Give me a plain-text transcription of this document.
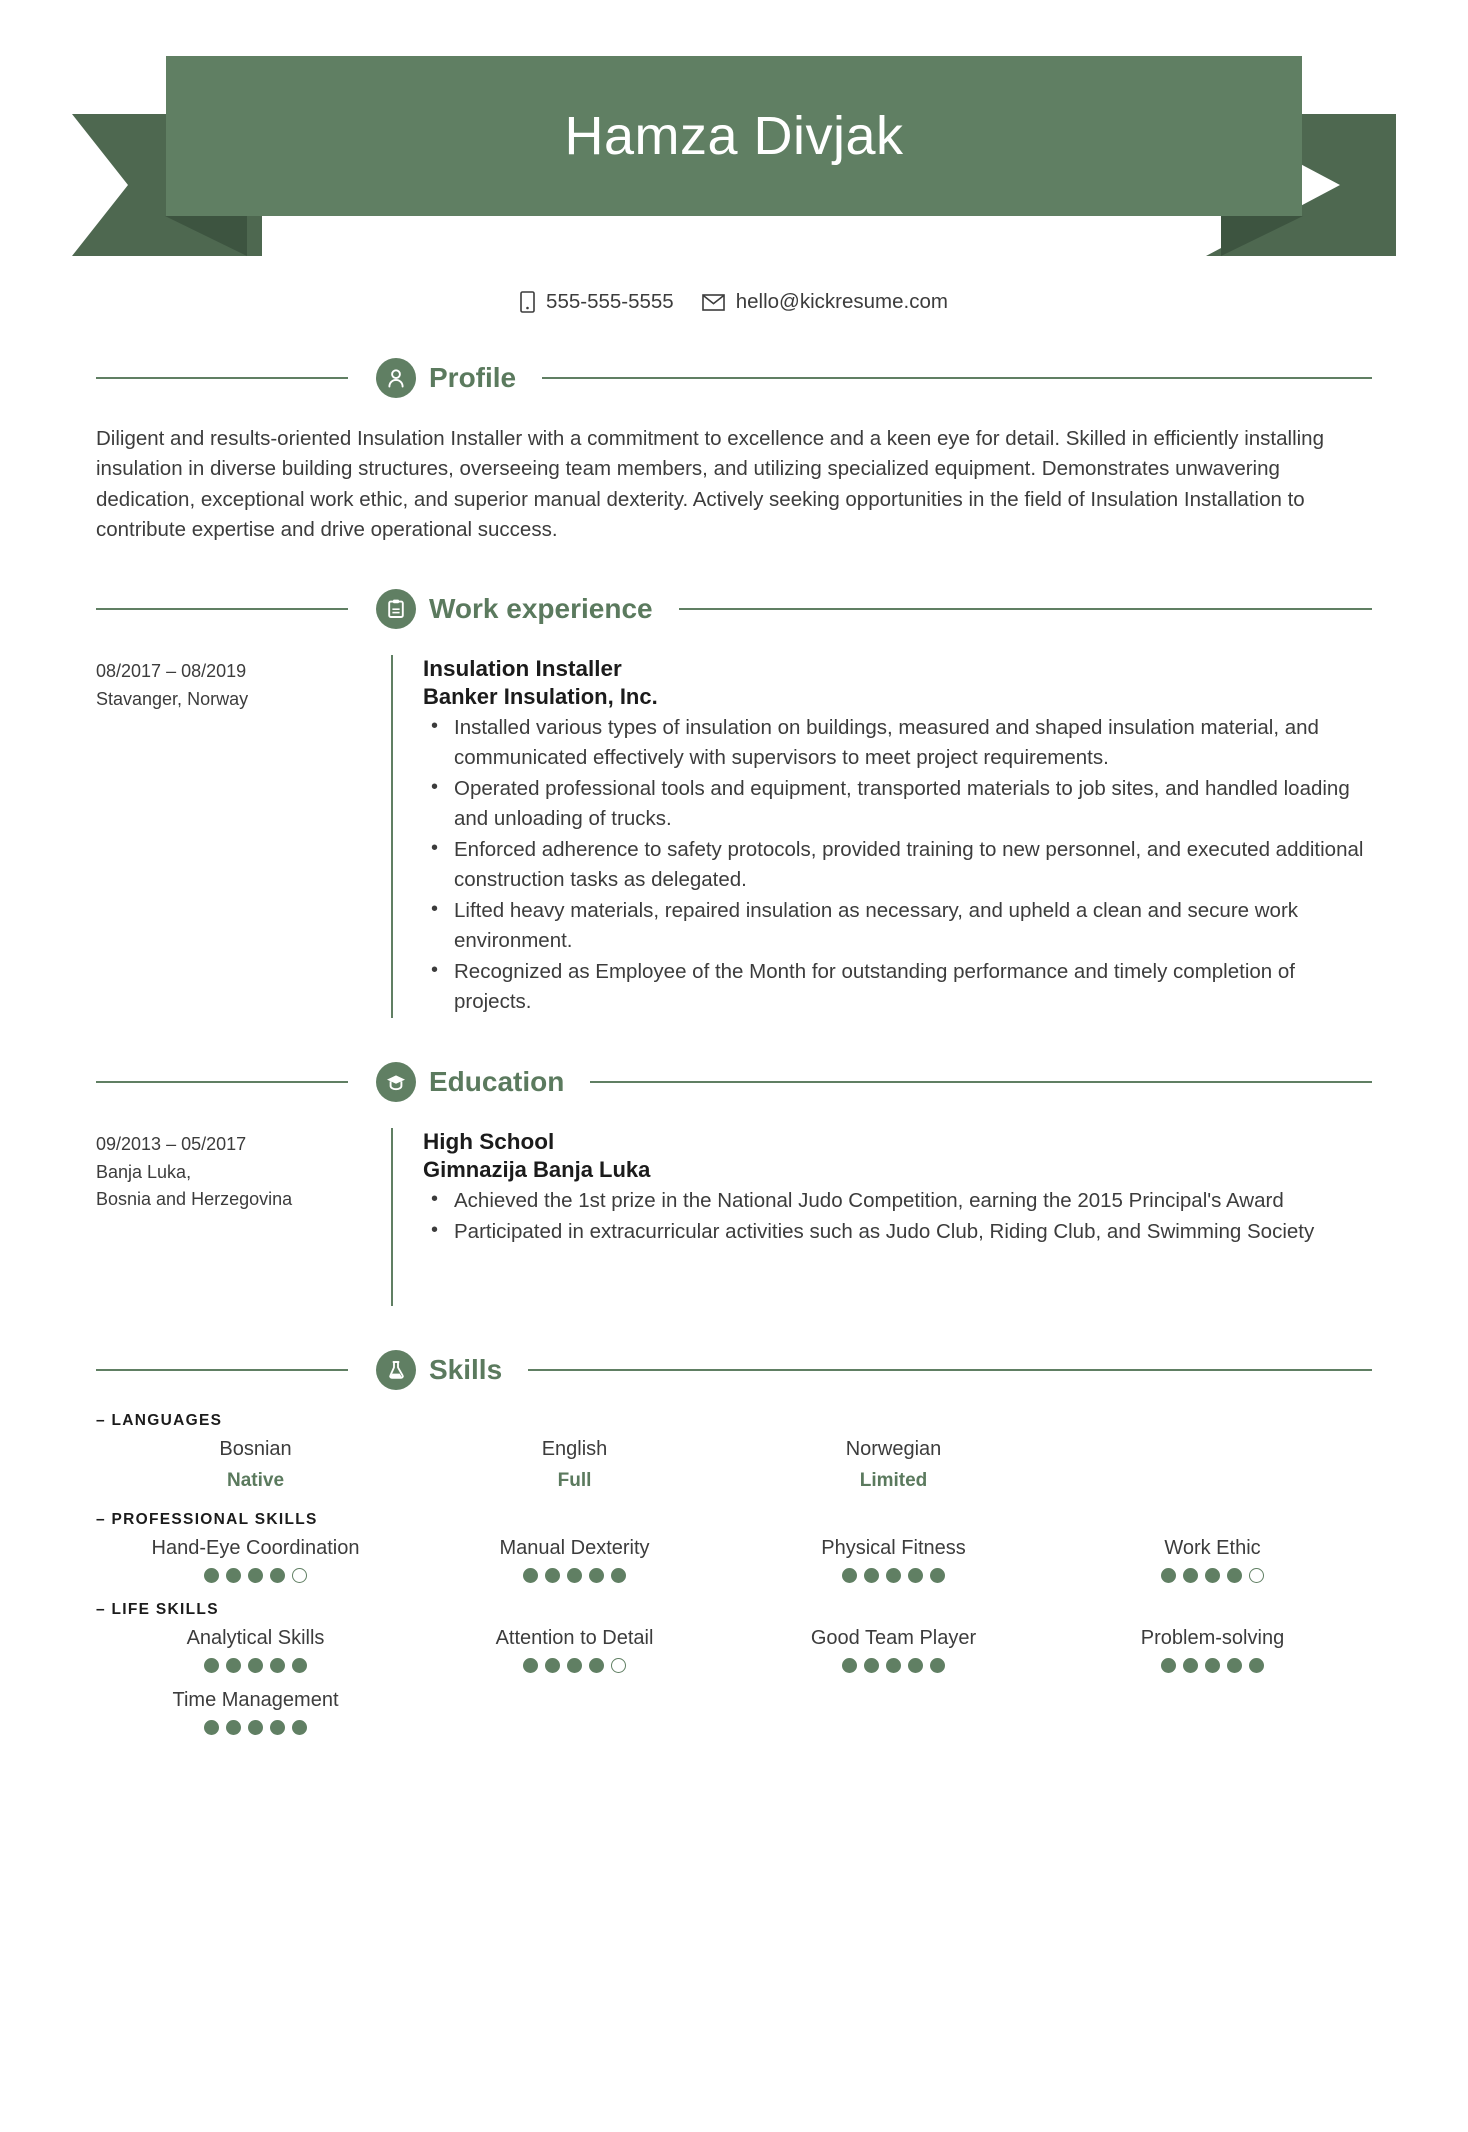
Hamza Divjak
555-555-5555	hello@kickresume.com
Profile
Diligent and results-oriented Insulation Installer with a commitment to excellence and a keen eye for detail. Skilled in efficiently installing insulation in diverse building structures, overseeing team members, and utilizing specialized equipment. Demonstrates unwavering dedication, exceptional work ethic, and superior manual dexterity. Actively seeking opportunities in the field of Insulation Installation to contribute expertise and drive operational success.
Work experience
08/2017 – 08/2019
Stavanger, Norway
Insulation Installer
Banker Insulation, Inc.
• Installed various types of insulation on buildings, measured and shaped insulation material, and communicated effectively with supervisors to meet project requirements.
• Operated professional tools and equipment, transported materials to job sites, and handled loading and unloading of trucks.
• Enforced adherence to safety protocols, provided training to new personnel, and executed additional construction tasks as delegated.
• Lifted heavy materials, repaired insulation as necessary, and upheld a clean and secure work environment.
• Recognized as Employee of the Month for outstanding performance and timely completion of projects.
Education
09/2013 – 05/2017
Banja Luka,
Bosnia and Herzegovina
High School
Gimnazija Banja Luka
• Achieved the 1st prize in the National Judo Competition, earning the 2015 Principal's Award
• Participated in extracurricular activities such as Judo Club, Riding Club, and Swimming Society
Skills
– LANGUAGES
Bosnian
Native
English
Full
Norwegian
Limited
– PROFESSIONAL SKILLS
Hand-Eye Coordination	Manual Dexterity	Physical Fitness	Work Ethic
– LIFE SKILLS
Analytical Skills	Attention to Detail	Good Team Player	Problem-solving
Time Management
